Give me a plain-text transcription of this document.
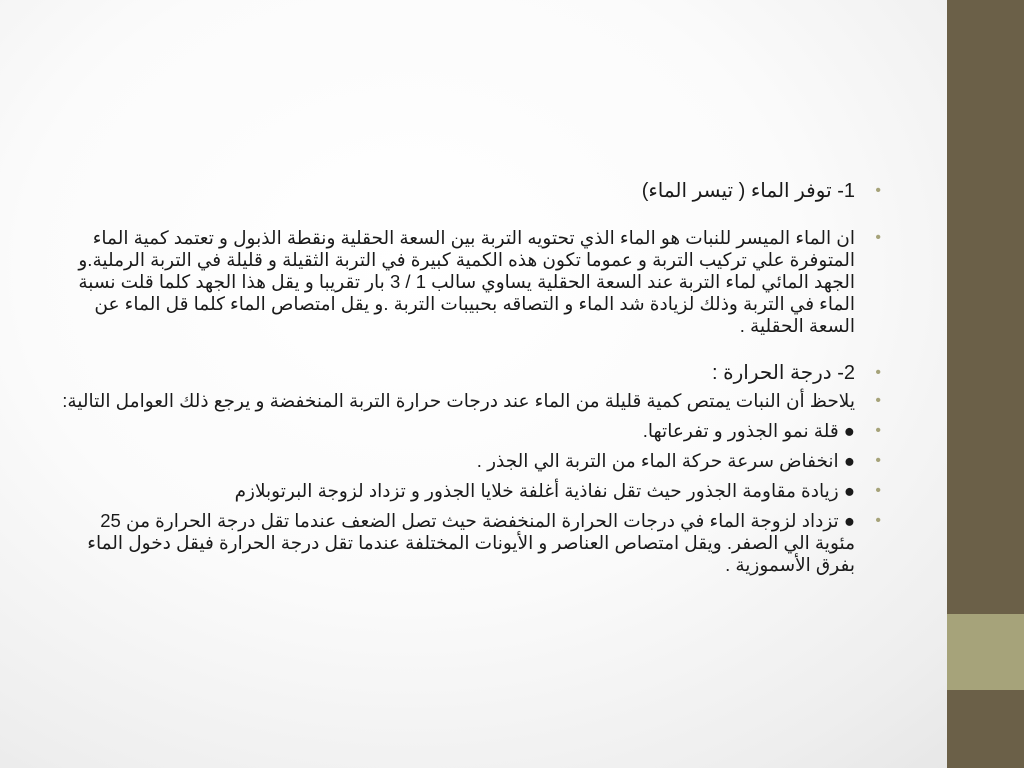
•
1- توفر الماء ( تيسر الماء)
•
ان الماء الميسر للنبات هو الماء الذي تحتويه التربة بين السعة الحقلية ونقطة الذبول و تعتمد كمية الماء المتوفرة علي تركيب التربة و عموما تكون هذه الكمية كبيرة في التربة الثقيلة و قليلة في التربة الرملية.و الجهد المائي لماء التربة عند السعة الحقلية يساوي سالب 1 / 3 بار تقريبا و يقل هذا الجهد كلما قلت نسبة الماء في التربة وذلك لزيادة شد الماء و التصاقه بحبيبات التربة .و يقل امتصاص الماء كلما قل الماء عن السعة الحقلية .
•
2- درجة الحرارة :
•
يلاحظ أن النبات يمتص كمية قليلة من الماء عند درجات حرارة التربة المنخفضة و يرجع ذلك العوامل التالية:
•
● قلة نمو الجذور و تفرعاتها.
•
● انخفاض سرعة حركة الماء من التربة الي الجذر .
•
● زيادة مقاومة الجذور حيث تقل نفاذية أغلفة خلايا الجذور و تزداد لزوجة البرتوبلازم
•
● تزداد لزوجة الماء في درجات الحرارة المنخفضة حيث تصل الضعف عندما تقل درجة الحرارة من 25 مئوية الي الصفر. ويقل امتصاص العناصر و الأيونات المختلفة عندما تقل درجة الحرارة فيقل دخول الماء بفرق الأسموزية .
